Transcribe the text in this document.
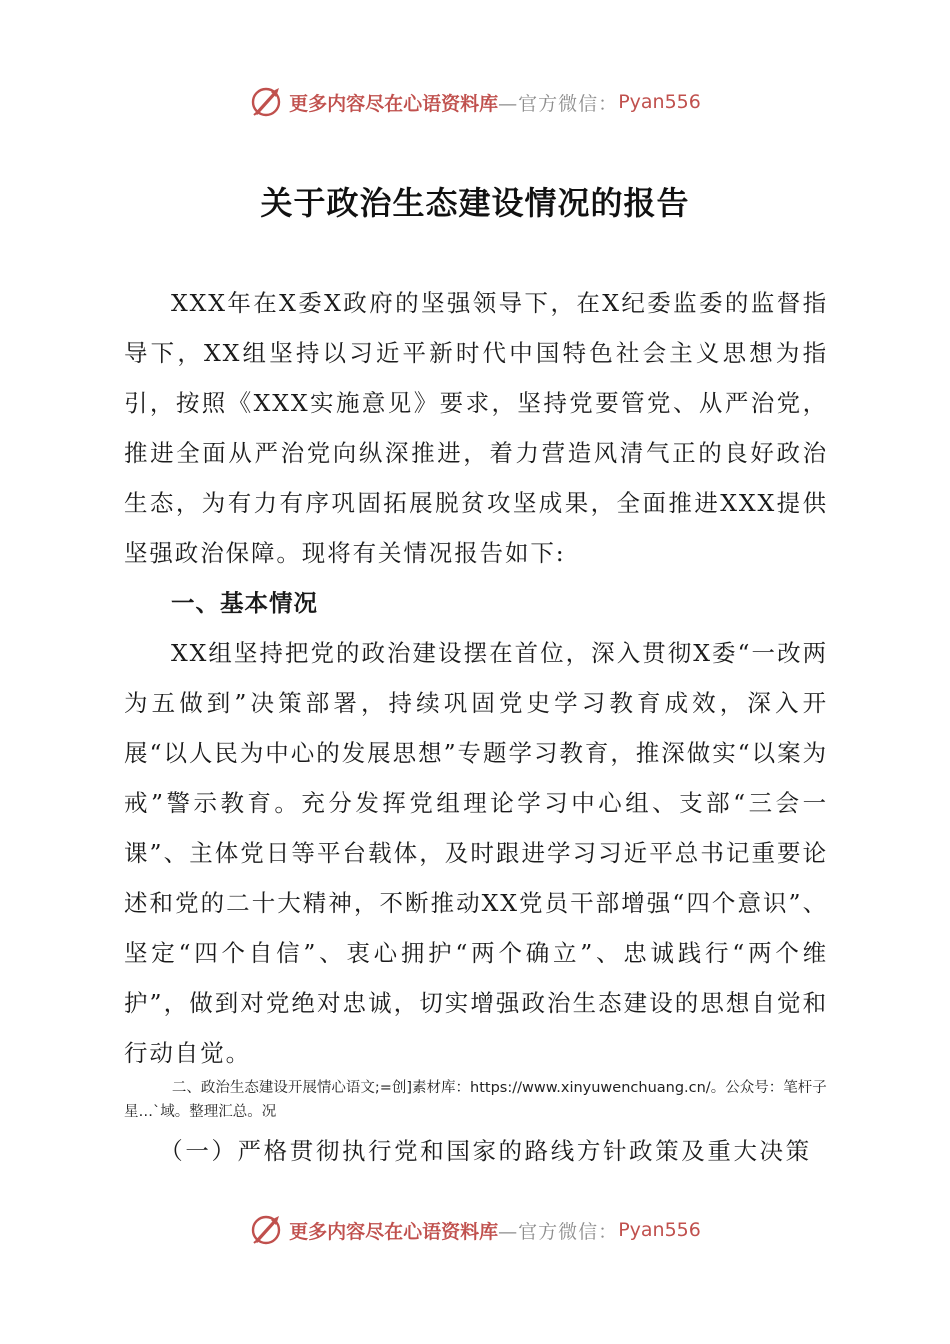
更多内容尽在心语资料库 —官方微信： Pyan556
关于政治生态建设情况的报告

XXX年在X委X政府的坚强领导下，在X纪委监委的监督指导下，XX组坚持以习近平新时代中国特色社会主义思想为指引，按照《XXX实施意见》要求，坚持党要管党、从严治党，推进全面从严治党向纵深推进，着力营造风清气正的良好政治生态，为有力有序巩固拓展脱贫攻坚成果，全面推进XXX提供坚强政治保障。现将有关情况报告如下:

一、基本情况

XX组坚持把党的政治建设摆在首位，深入贯彻X委“一改两为五做到”决策部署，持续巩固党史学习教育成效，深入开展“以人民为中心的发展思想”专题学习教育，推深做实“以案为戒”警示教育。充分发挥党组理论学习中心组、支部“三会一课”、主体党日等平台载体，及时跟进学习习近平总书记重要论述和党的二十大精神，不断推动XX党员干部增强“四个意识”、坚定“四个自信”、衷心拥护“两个确立”、忠诚践行“两个维护”，做到对党绝对忠诚，切实增强政治生态建设的思想自觉和行动自觉。

二、政治生态建设开展情心语文;=创]素材库：https://www.xinyuwenchuang.cn/。公众号：笔杆子星…`域。整理汇总。况

（一）严格贯彻执行党和国家的路线方针政策及重大决策

更多内容尽在心语资料库 —官方微信： Pyan556
